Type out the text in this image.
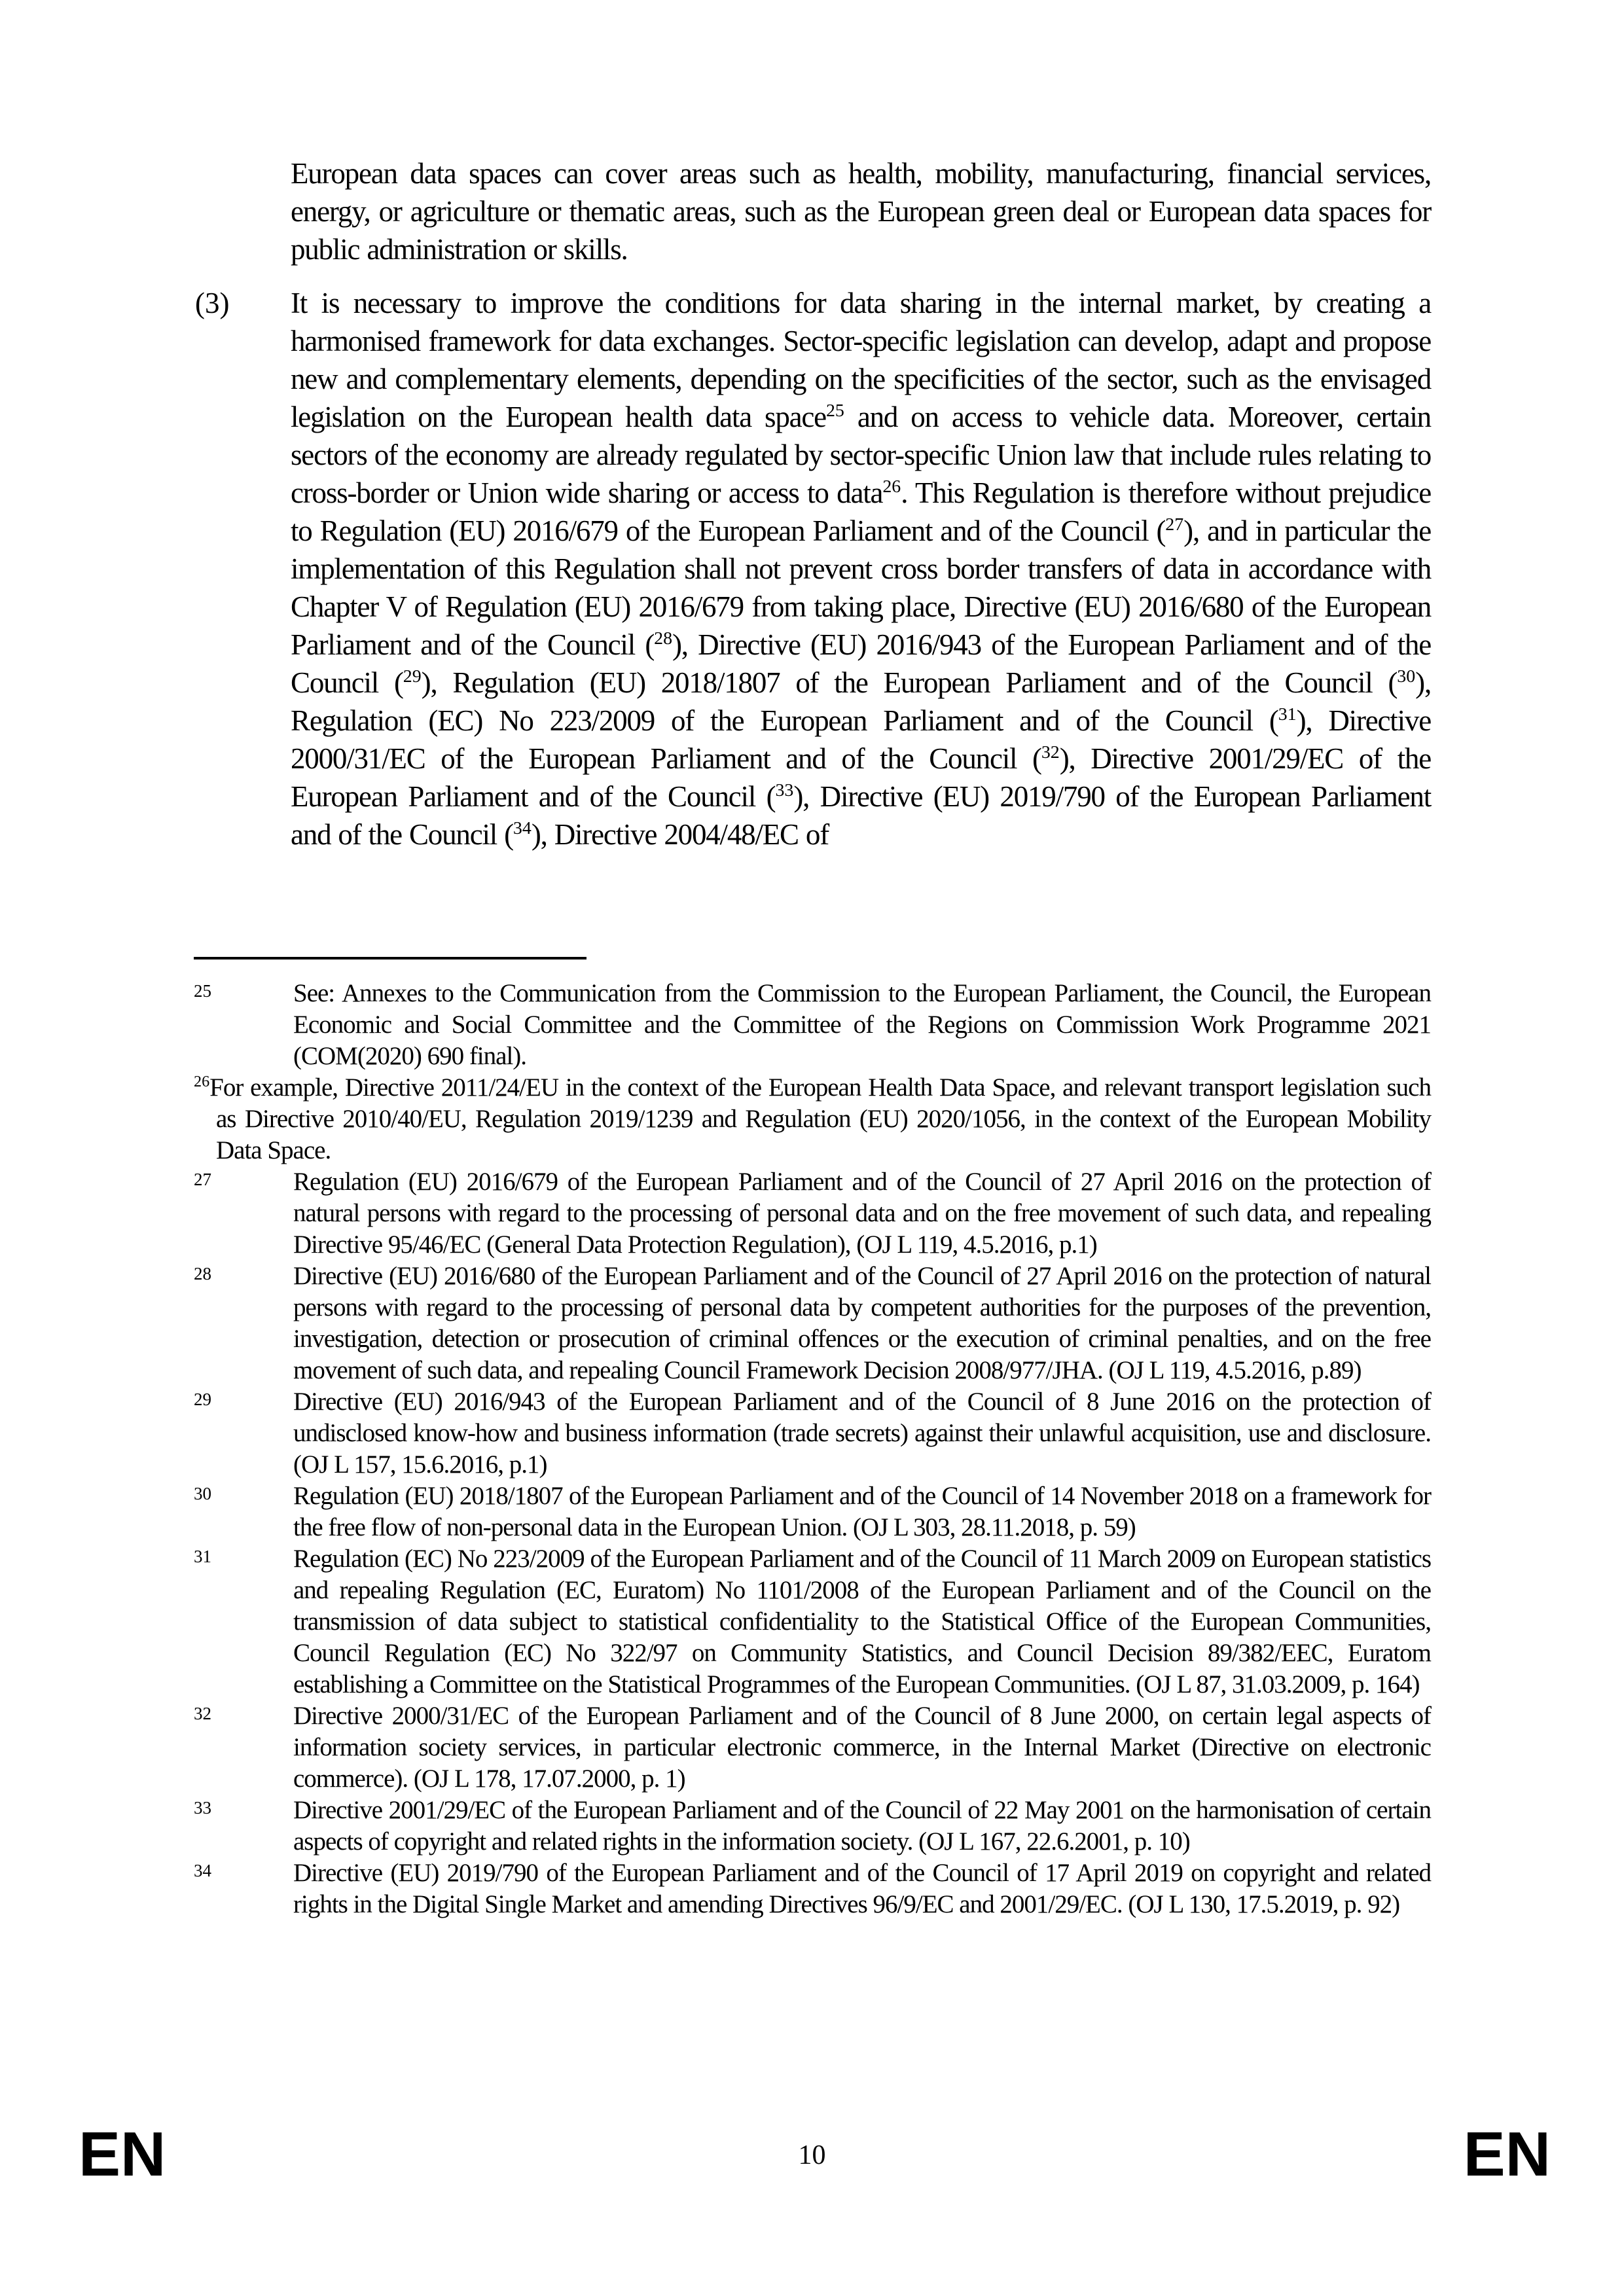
European data spaces can cover areas such as health, mobility, manufacturing, financial services, energy, or agriculture or thematic areas, such as the European green deal or European data spaces for public administration or skills.
(3) It is necessary to improve the conditions for data sharing in the internal market, by creating a harmonised framework for data exchanges. Sector-specific legislation can develop, adapt and propose new and complementary elements, depending on the specificities of the sector, such as the envisaged legislation on the European health data space$^{25}$ and on access to vehicle data. Moreover, certain sectors of the economy are already regulated by sector-specific Union law that include rules relating to cross-border or Union wide sharing or access to data$^{26}$. This Regulation is therefore without prejudice to Regulation (EU) 2016/679 of the European Parliament and of the Council ($^{27}$), and in particular the implementation of this Regulation shall not prevent cross border transfers of data in accordance with Chapter V of Regulation (EU) 2016/679 from taking place, Directive (EU) 2016/680 of the European Parliament and of the Council ($^{28}$), Directive (EU) 2016/943 of the European Parliament and of the Council ($^{29}$), Regulation (EU) 2018/1807 of the European Parliament and of the Council ($^{30}$), Regulation (EC) No 223/2009 of the European Parliament and of the Council ($^{31}$), Directive 2000/31/EC of the European Parliament and of the Council ($^{32}$), Directive 2001/29/EC of the European Parliament and of the Council ($^{33}$), Directive (EU) 2019/790 of the European Parliament and of the Council ($^{34}$), Directive 2004/48/EC of
25	See: Annexes to the Communication from the Commission to the European Parliament, the Council, the European Economic and Social Committee and the Committee of the Regions on Commission Work Programme 2021 (COM(2020) 690 final).
$^{26}$For example, Directive 2011/24/EU in the context of the European Health Data Space, and relevant transport legislation such as Directive 2010/40/EU, Regulation 2019/1239 and Regulation (EU) 2020/1056, in the context of the European Mobility Data Space.
27	Regulation (EU) 2016/679 of the European Parliament and of the Council of 27 April 2016 on the protection of natural persons with regard to the processing of personal data and on the free movement of such data, and repealing Directive 95/46/EC (General Data Protection Regulation), (OJ L 119, 4.5.2016, p.1)
28	Directive (EU) 2016/680 of the European Parliament and of the Council of 27 April 2016 on the protection of natural persons with regard to the processing of personal data by competent authorities for the purposes of the prevention, investigation, detection or prosecution of criminal offences or the execution of criminal penalties, and on the free movement of such data, and repealing Council Framework Decision 2008/977/JHA. (OJ L 119, 4.5.2016, p.89)
29	Directive (EU) 2016/943 of the European Parliament and of the Council of 8 June 2016 on the protection of undisclosed know-how and business information (trade secrets) against their unlawful acquisition, use and disclosure. (OJ L 157, 15.6.2016, p.1)
30	Regulation (EU) 2018/1807 of the European Parliament and of the Council of 14 November 2018 on a framework for the free flow of non-personal data in the European Union. (OJ L 303, 28.11.2018, p. 59)
31	Regulation (EC) No 223/2009 of the European Parliament and of the Council of 11 March 2009 on European statistics and repealing Regulation (EC, Euratom) No 1101/2008 of the European Parliament and of the Council on the transmission of data subject to statistical confidentiality to the Statistical Office of the European Communities, Council Regulation (EC) No 322/97 on Community Statistics, and Council Decision 89/382/EEC, Euratom establishing a Committee on the Statistical Programmes of the European Communities. (OJ L 87, 31.03.2009, p. 164)
32	Directive 2000/31/EC of the European Parliament and of the Council of 8 June 2000, on certain legal aspects of information society services, in particular electronic commerce, in the Internal Market (Directive on electronic commerce). (OJ L 178, 17.07.2000, p. 1)
33	Directive 2001/29/EC of the European Parliament and of the Council of 22 May 2001 on the harmonisation of certain aspects of copyright and related rights in the information society. (OJ L 167, 22.6.2001, p. 10)
34	Directive (EU) 2019/790 of the European Parliament and of the Council of 17 April 2019 on copyright and related rights in the Digital Single Market and amending Directives 96/9/EC and 2001/29/EC. (OJ L 130, 17.5.2019, p. 92)
EN	10	EN
